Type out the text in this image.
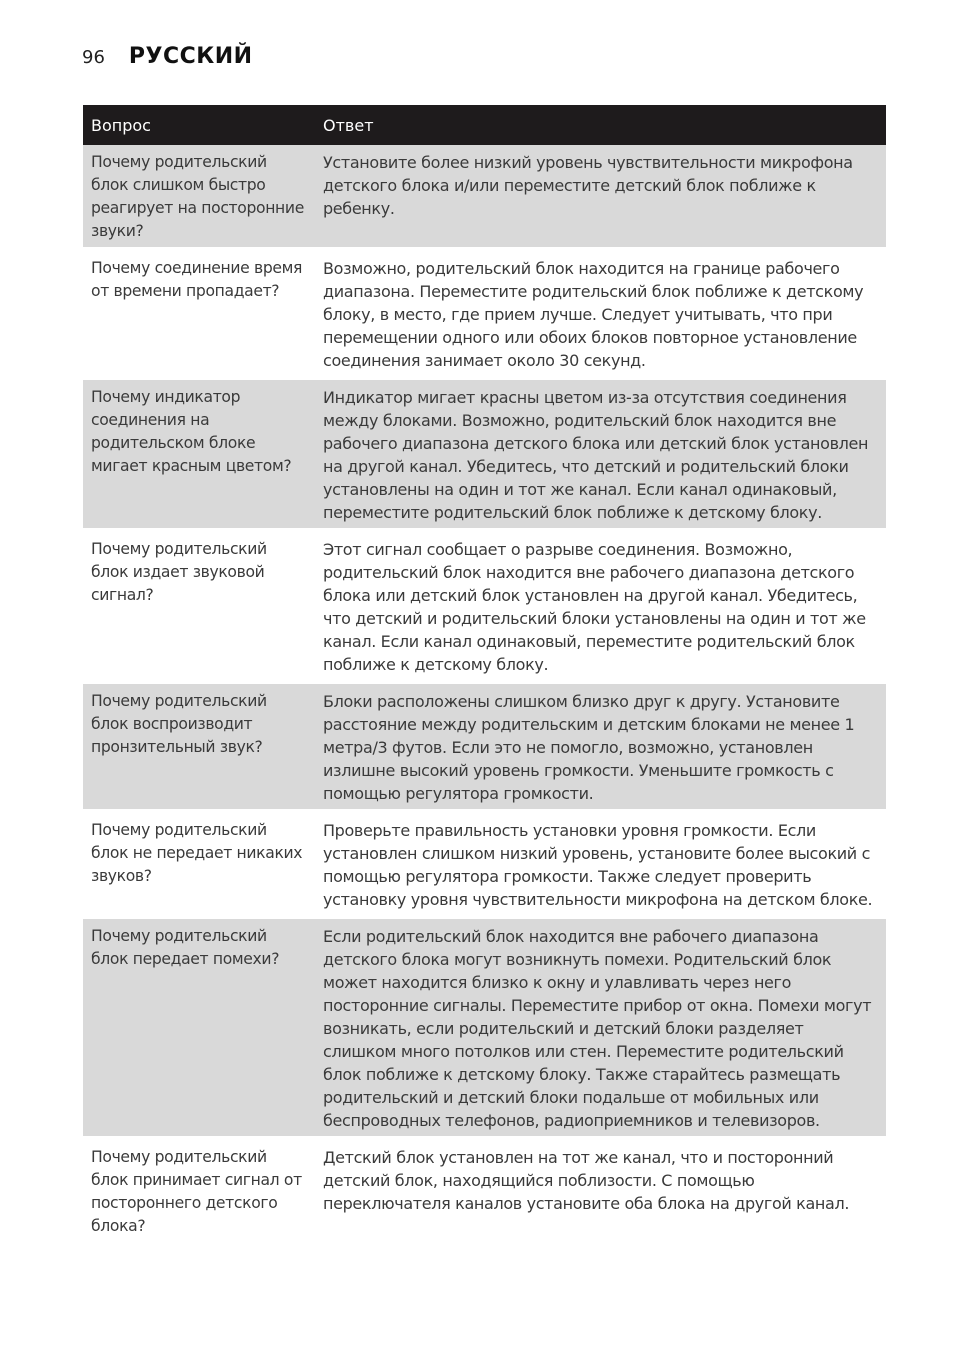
96 РУССКИЙ
Вопрос	Ответ
Почему родительский блок слишком быстро реагирует на посторонние звуки?	Установите более низкий уровень чувствительности микрофона детского блока и/или переместите детский блок поближе к ребенку.
Почему соединение время от времени пропадает?	Возможно, родительский блок находится на границе рабочего диапазона. Переместите родительский блок поближе к детскому блоку, в место, где прием лучше. Следует учитывать, что при перемещении одного или обоих блоков повторное установление соединения занимает около 30 секунд.
Почему индикатор соединения на родительском блоке мигает красным цветом?	Индикатор мигает красны цветом из-за отсутствия соединения между блоками. Возможно, родительский блок находится вне рабочего диапазона детского блока или детский блок установлен на другой канал. Убедитесь, что детский и родительский блоки установлены на один и тот же канал. Если канал одинаковый, переместите родительский блок поближе к детскому блоку.
Почему родительский блок издает звуковой сигнал?	Этот сигнал сообщает о разрыве соединения. Возможно, родительский блок находится вне рабочего диапазона детского блока или детский блок установлен на другой канал. Убедитесь, что детский и родительский блоки установлены на один и тот же канал. Если канал одинаковый, переместите родительский блок поближе к детскому блоку.
Почему родительский блок воспроизводит пронзительный звук?	Блоки расположены слишком близко друг к другу. Установите расстояние между родительским и детским блоками не менее 1 метра/3 футов. Если это не помогло, возможно, установлен излишне высокий уровень громкости. Уменьшите громкость с помощью регулятора громкости.
Почему родительский блок не передает никаких звуков?	Проверьте правильность установки уровня громкости. Если установлен слишком низкий уровень, установите более высокий с помощью регулятора громкости. Также следует проверить установку уровня чувствительности микрофона на детском блоке.
Почему родительский блок передает помехи?	Если родительский блок находится вне рабочего диапазона детского блока могут возникнуть помехи. Родительский блок может находится близко к окну и улавливать через него посторонние сигналы. Переместите прибор от окна. Помехи могут возникать, если родительский и детский блоки разделяет слишком много потолков или стен. Переместите родительский блок поближе к детскому блоку. Также старайтесь размещать родительский и детский блоки подальше от мобильных или беспроводных телефонов, радиоприемников и телевизоров.
Почему родительский блок принимает сигнал от постороннего детского блока?	Детский блок установлен на тот же канал, что и посторонний детский блок, находящийся поблизости. С помощью переключателя каналов установите оба блока на другой канал.
